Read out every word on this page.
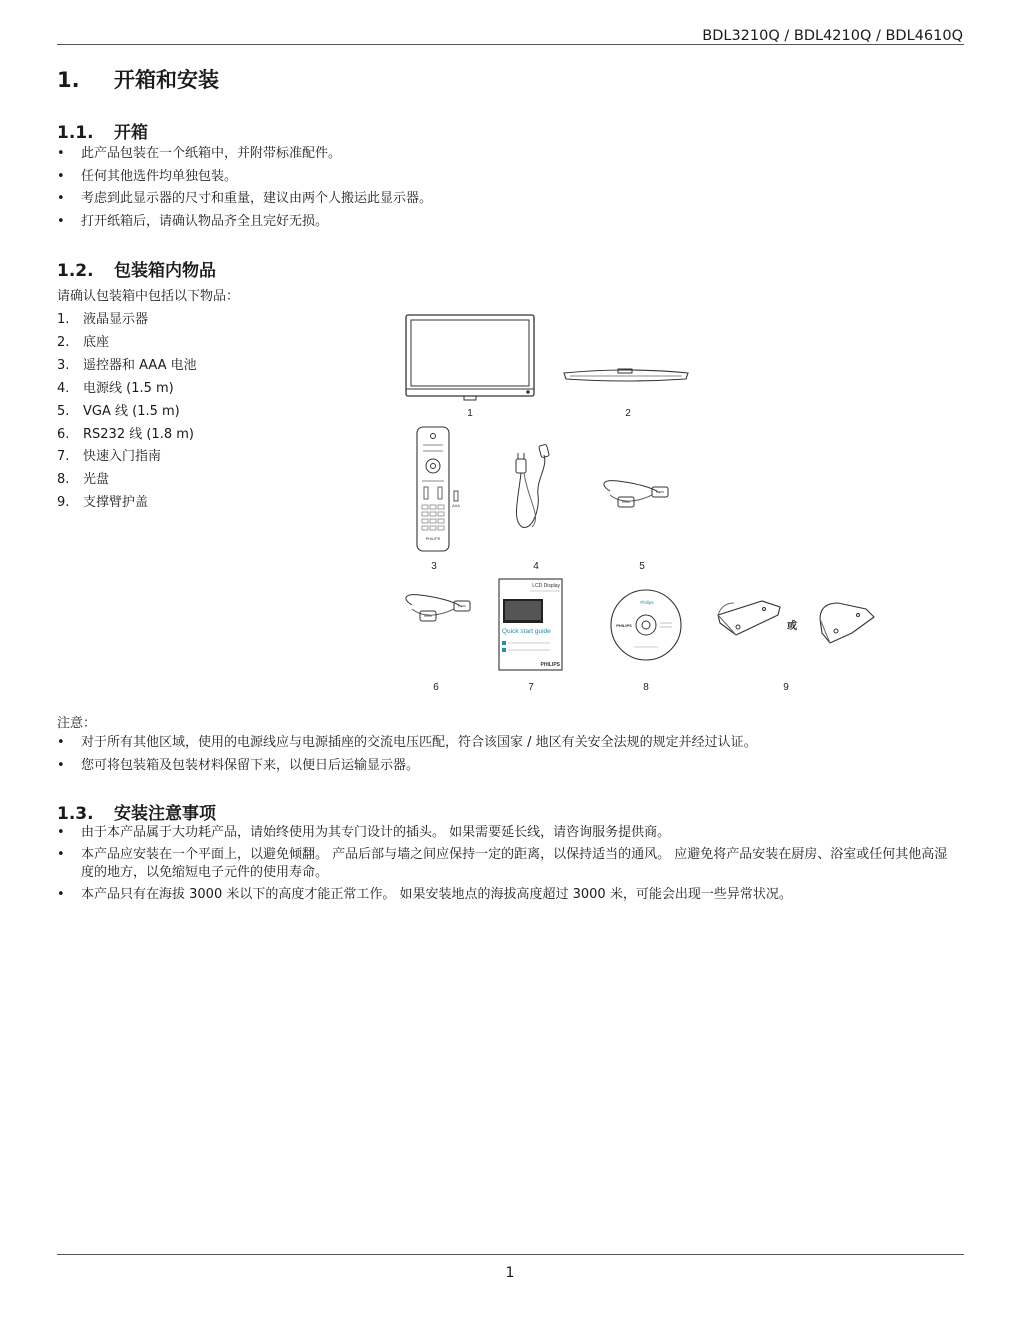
BDL3210Q / BDL4210Q / BDL4610Q
1. 开箱和安装
1.1. 开箱
• 此产品包装在一个纸箱中，并附带标准配件。
• 任何其他选件均单独包装。
• 考虑到此显示器的尺寸和重量，建议由两个人搬运此显示器。
• 打开纸箱后，请确认物品齐全且完好无损。
1.2. 包装箱内物品
请确认包装箱中包括以下物品：
1.	液晶显示器
2.	底座
3.	遥控器和 AAA 电池
4.	电源线 (1.5 m)
5.	VGA 线 (1.5 m)
6.	RS232 线 (1.8 m)
7.	快速入门指南
8.	光盘
9.	支撑臂护盖
1	2
PHILIPS
AAA
3	4	5
6
LCD Display
Quick start guide
PHILIPS
7
Philips
PHILIPS
8
或
9
注意：
• 对于所有其他区域，使用的电源线应与电源插座的交流电压匹配，符合该国家 / 地区有关安全法规的规定并经过认证。
• 您可将包装箱及包装材料保留下来，以便日后运输显示器。
1.3. 安装注意事项
• 由于本产品属于大功耗产品，请始终使用为其专门设计的插头。 如果需要延长线，请咨询服务提供商。
• 本产品应安装在一个平面上，以避免倾翻。 产品后部与墙之间应保持一定的距离，以保持适当的通风。 应避免将产品安装在厨房、浴室或任何其他高湿度的地方，以免缩短电子元件的使用寿命。
• 本产品只有在海拔 3000 米以下的高度才能正常工作。 如果安装地点的海拔高度超过 3000 米，可能会出现一些异常状况。
1
